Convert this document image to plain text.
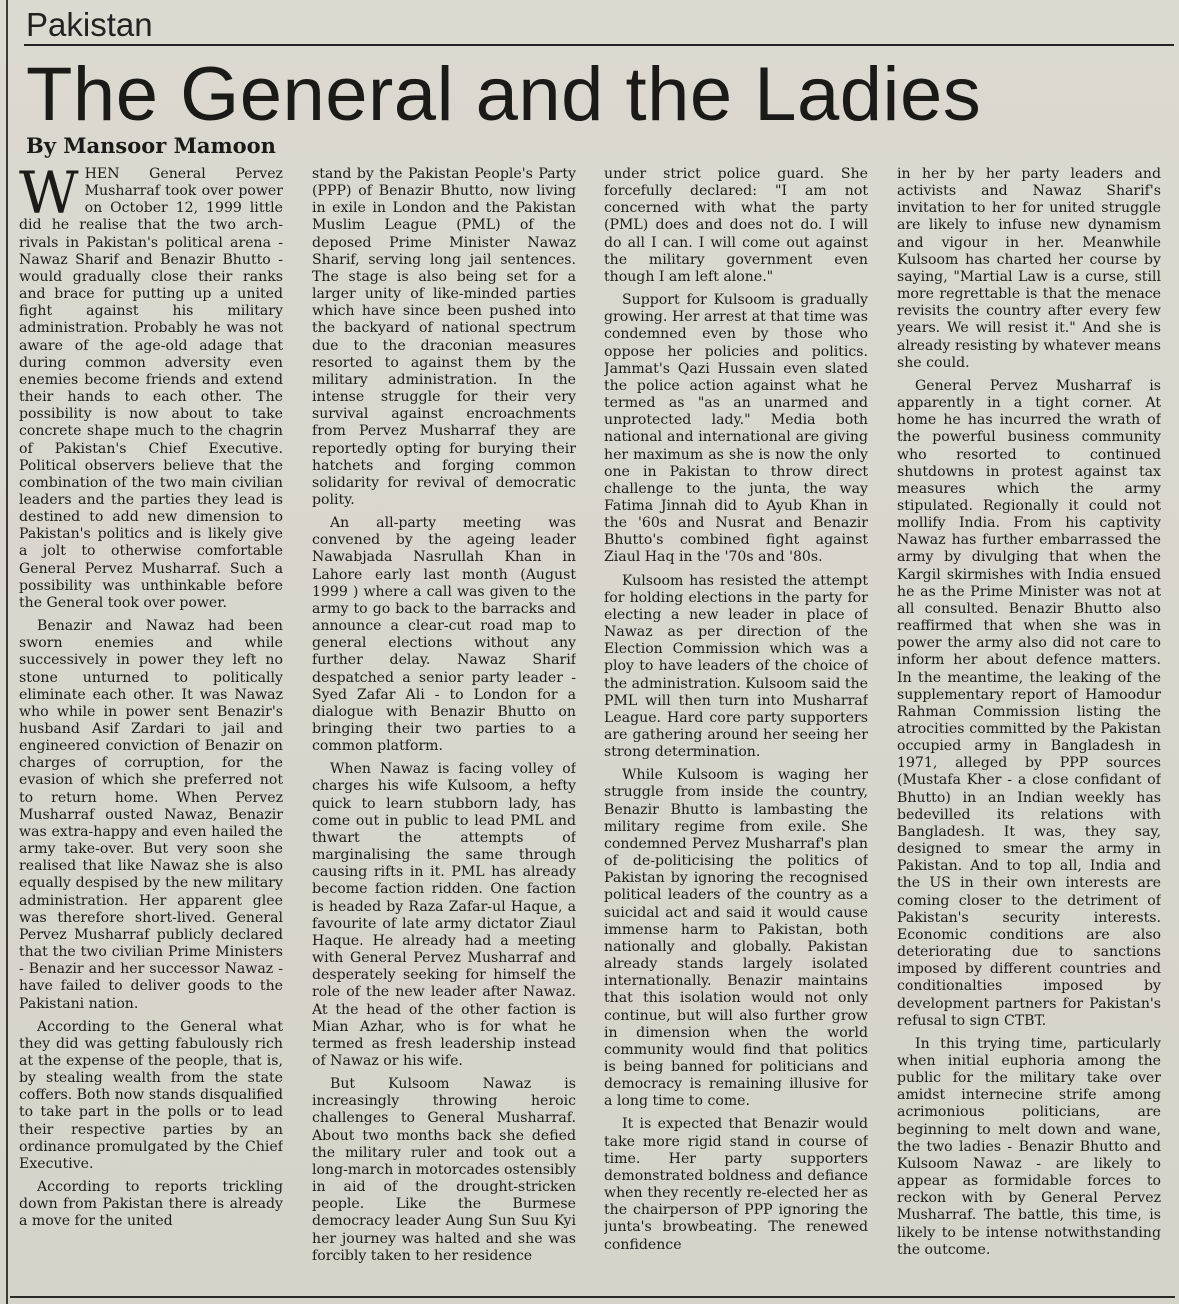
Pakistan
The General and the Ladies
By Mansoor Mamoon

WHEN General Pervez Musharraf took over power on October 12, 1999 little did he realise that the two arch-rivals in Pakistan's political arena - Nawaz Sharif and Benazir Bhutto - would gradually close their ranks and brace for putting up a united fight against his military administration. Probably he was not aware of the age-old adage that during common adversity even enemies become friends and extend their hands to each other. The possibility is now about to take concrete shape much to the chagrin of Pakistan's Chief Executive. Political observers believe that the combination of the two main civilian leaders and the parties they lead is destined to add new dimension to Pakistan's politics and is likely give a jolt to otherwise comfortable General Pervez Musharraf. Such a possibility was unthinkable before the General took over power.

Benazir and Nawaz had been sworn enemies and while successively in power they left no stone unturned to politically eliminate each other. It was Nawaz who while in power sent Benazir's husband Asif Zardari to jail and engineered conviction of Benazir on charges of corruption, for the evasion of which she preferred not to return home. When Pervez Musharraf ousted Nawaz, Benazir was extra-happy and even hailed the army take-over. But very soon she realised that like Nawaz she is also equally despised by the new military administration. Her apparent glee was therefore short-lived. General Pervez Musharraf publicly declared that the two civilian Prime Ministers - Benazir and her successor Nawaz - have failed to deliver goods to the Pakistani nation.

According to the General what they did was getting fabulously rich at the expense of the people, that is, by stealing wealth from the state coffers. Both now stands disqualified to take part in the polls or to lead their respective parties by an ordinance promulgated by the Chief Executive.

According to reports trickling down from Pakistan there is already a move for the united

stand by the Pakistan People's Party (PPP) of Benazir Bhutto, now living in exile in London and the Pakistan Muslim League (PML) of the deposed Prime Minister Nawaz Sharif, serving long jail sentences. The stage is also being set for a larger unity of like-minded parties which have since been pushed into the backyard of national spectrum due to the draconian measures resorted to against them by the military administration. In the intense struggle for their very survival against encroachments from Pervez Musharraf they are reportedly opting for burying their hatchets and forging common solidarity for revival of democratic polity.

An all-party meeting was convened by the ageing leader Nawabjada Nasrullah Khan in Lahore early last month (August 1999 ) where a call was given to the army to go back to the barracks and announce a clear-cut road map to general elections without any further delay. Nawaz Sharif despatched a senior party leader - Syed Zafar Ali - to London for a dialogue with Benazir Bhutto on bringing their two parties to a common platform.

When Nawaz is facing volley of charges his wife Kulsoom, a hefty quick to learn stubborn lady, has come out in public to lead PML and thwart the attempts of marginalising the same through causing rifts in it. PML has already become faction ridden. One faction is headed by Raza Zafar-ul Haque, a favourite of late army dictator Ziaul Haque. He already had a meeting with General Pervez Musharraf and desperately seeking for himself the role of the new leader after Nawaz. At the head of the other faction is Mian Azhar, who is for what he termed as fresh leadership instead of Nawaz or his wife.

But Kulsoom Nawaz is increasingly throwing heroic challenges to General Musharraf. About two months back she defied the military ruler and took out a long-march in motorcades ostensibly in aid of the drought-stricken people. Like the Burmese democracy leader Aung Sun Suu Kyi her journey was halted and she was forcibly taken to her residence

under strict police guard. She forcefully declared: "I am not concerned with what the party (PML) does and does not do. I will do all I can. I will come out against the military government even though I am left alone."

Support for Kulsoom is gradually growing. Her arrest at that time was condemned even by those who oppose her policies and politics. Jammat's Qazi Hussain even slated the police action against what he termed as "as an unarmed and unprotected lady." Media both national and international are giving her maximum as she is now the only one in Pakistan to throw direct challenge to the junta, the way Fatima Jinnah did to Ayub Khan in the '60s and Nusrat and Benazir Bhutto's combined fight against Ziaul Haq in the '70s and '80s.

Kulsoom has resisted the attempt for holding elections in the party for electing a new leader in place of Nawaz as per direction of the Election Commission which was a ploy to have leaders of the choice of the administration. Kulsoom said the PML will then turn into Musharraf League. Hard core party supporters are gathering around her seeing her strong determination.

While Kulsoom is waging her struggle from inside the country, Benazir Bhutto is lambasting the military regime from exile. She condemned Pervez Musharraf's plan of de-politicising the politics of Pakistan by ignoring the recognised political leaders of the country as a suicidal act and said it would cause immense harm to Pakistan, both nationally and globally. Pakistan already stands largely isolated internationally. Benazir maintains that this isolation would not only continue, but will also further grow in dimension when the world community would find that politics is being banned for politicians and democracy is remaining illusive for a long time to come.

It is expected that Benazir would take more rigid stand in course of time. Her party supporters demonstrated boldness and defiance when they recently re-elected her as the chairperson of PPP ignoring the junta's browbeating. The renewed confidence

in her by her party leaders and activists and Nawaz Sharif's invitation to her for united struggle are likely to infuse new dynamism and vigour in her. Meanwhile Kulsoom has charted her course by saying, "Martial Law is a curse, still more regrettable is that the menace revisits the country after every few years. We will resist it." And she is already resisting by whatever means she could.

General Pervez Musharraf is apparently in a tight corner. At home he has incurred the wrath of the powerful business community who resorted to continued shutdowns in protest against tax measures which the army stipulated. Regionally it could not mollify India. From his captivity Nawaz has further embarrassed the army by divulging that when the Kargil skirmishes with India ensued he as the Prime Minister was not at all consulted. Benazir Bhutto also reaffirmed that when she was in power the army also did not care to inform her about defence matters. In the meantime, the leaking of the supplementary report of Hamoodur Rahman Commission listing the atrocities committed by the Pakistan occupied army in Bangladesh in 1971, alleged by PPP sources (Mustafa Kher - a close confidant of Bhutto) in an Indian weekly has bedevilled its relations with Bangladesh. It was, they say, designed to smear the army in Pakistan. And to top all, India and the US in their own interests are coming closer to the detriment of Pakistan's security interests. Economic conditions are also deteriorating due to sanctions imposed by different countries and conditionalties imposed by development partners for Pakistan's refusal to sign CTBT.

In this trying time, particularly when initial euphoria among the public for the military take over amidst internecine strife among acrimonious politicians, are beginning to melt down and wane, the two ladies - Benazir Bhutto and Kulsoom Nawaz - are likely to appear as formidable forces to reckon with by General Pervez Musharraf. The battle, this time, is likely to be intense notwithstanding the outcome.
